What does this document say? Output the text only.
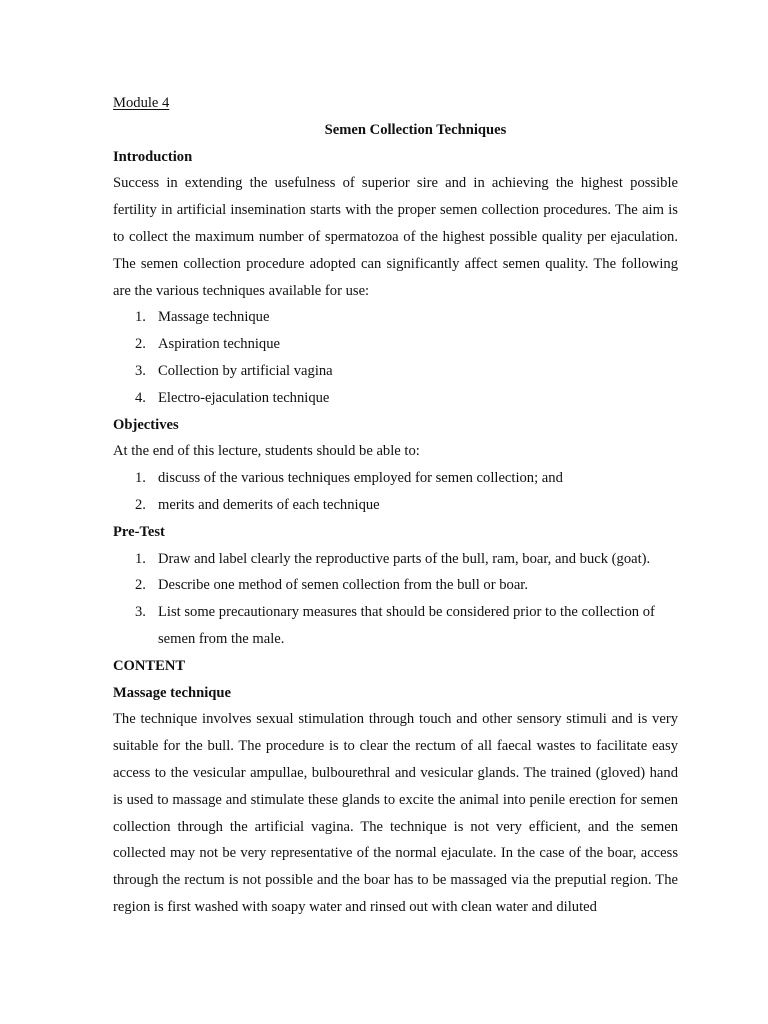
Module 4

Semen Collection Techniques

Introduction

Success in extending the usefulness of superior sire and in achieving the highest possible fertility in artificial insemination starts with the proper semen collection procedures. The aim is to collect the maximum number of spermatozoa of the highest possible quality per ejaculation. The semen collection procedure adopted can significantly affect semen quality. The following are the various techniques available for use:

1. Massage technique
2. Aspiration technique
3. Collection by artificial vagina
4. Electro-ejaculation technique

Objectives

At the end of this lecture, students should be able to:

1. discuss of the various techniques employed for semen collection; and
2. merits and demerits of each technique

Pre-Test

1. Draw and label clearly the reproductive parts of the bull, ram, boar, and buck (goat).
2. Describe one method of semen collection from the bull or boar.
3. List some precautionary measures that should be considered prior to the collection of semen from the male.

CONTENT

Massage technique

The technique involves sexual stimulation through touch and other sensory stimuli and is very suitable for the bull. The procedure is to clear the rectum of all faecal wastes to facilitate easy access to the vesicular ampullae, bulbourethral and vesicular glands. The trained (gloved) hand is used to massage and stimulate these glands to excite the animal into penile erection for semen collection through the artificial vagina. The technique is not very efficient, and the semen collected may not be very representative of the normal ejaculate. In the case of the boar, access through the rectum is not possible and the boar has to be massaged via the preputial region. The region is first washed with soapy water and rinsed out with clean water and diluted
